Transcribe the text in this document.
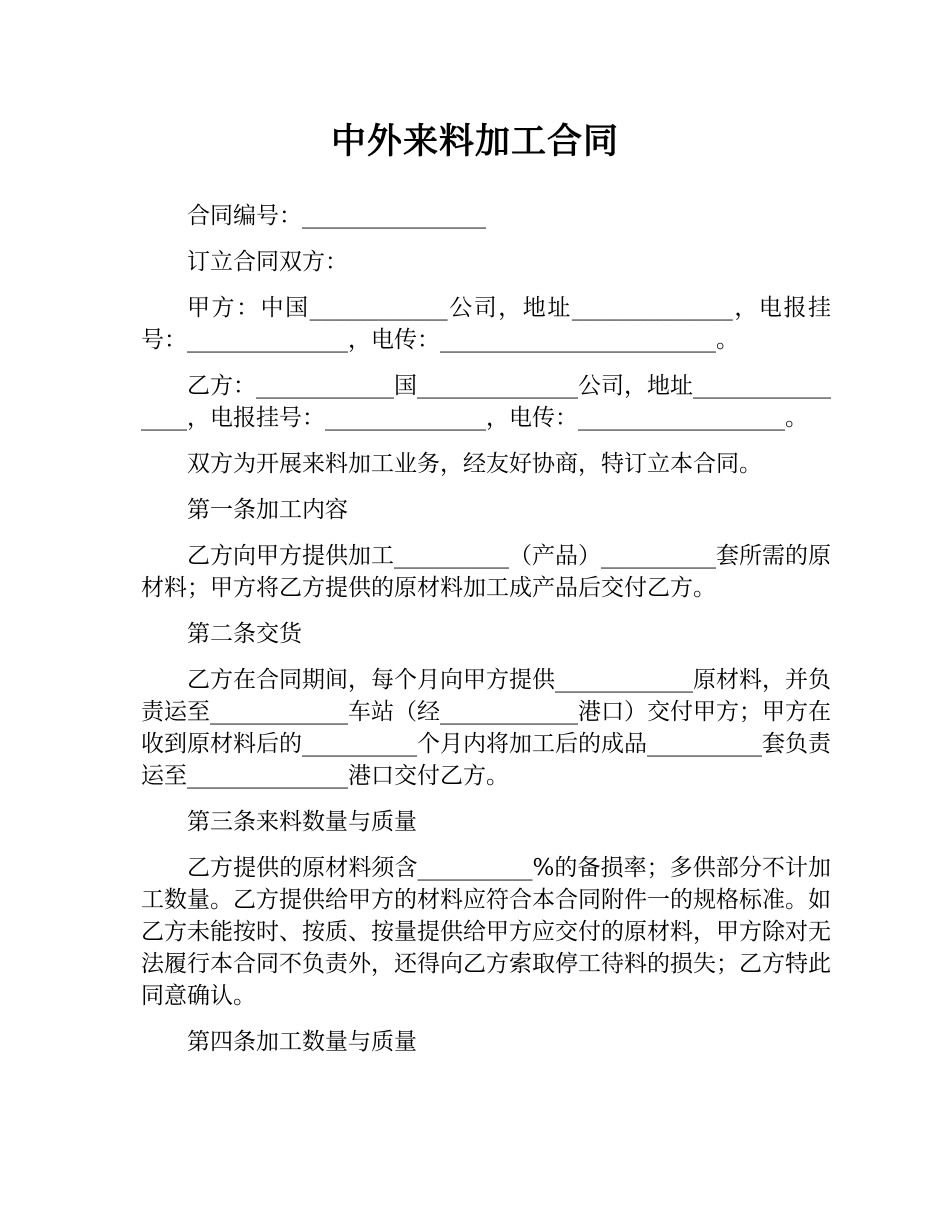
中外来料加工合同

合同编号：________________

订立合同双方：

甲方：中国____________公司，地址______________，电报挂号：______________，电传：________________________。

乙方：____________国______________公司，地址________________，电报挂号：______________，电传：__________________。

双方为开展来料加工业务，经友好协商，特订立本合同。

第一条加工内容

乙方向甲方提供加工__________（产品）__________套所需的原材料；甲方将乙方提供的原材料加工成产品后交付乙方。

第二条交货

乙方在合同期间，每个月向甲方提供____________原材料，并负责运至____________车站（经____________港口）交付甲方；甲方在收到原材料后的__________个月内将加工后的成品__________套负责运至______________港口交付乙方。

第三条来料数量与质量

乙方提供的原材料须含__________%的备损率；多供部分不计加工数量。乙方提供给甲方的材料应符合本合同附件一的规格标准。如乙方未能按时、按质、按量提供给甲方应交付的原材料，甲方除对无法履行本合同不负责外，还得向乙方索取停工待料的损失；乙方特此同意确认。

第四条加工数量与质量
